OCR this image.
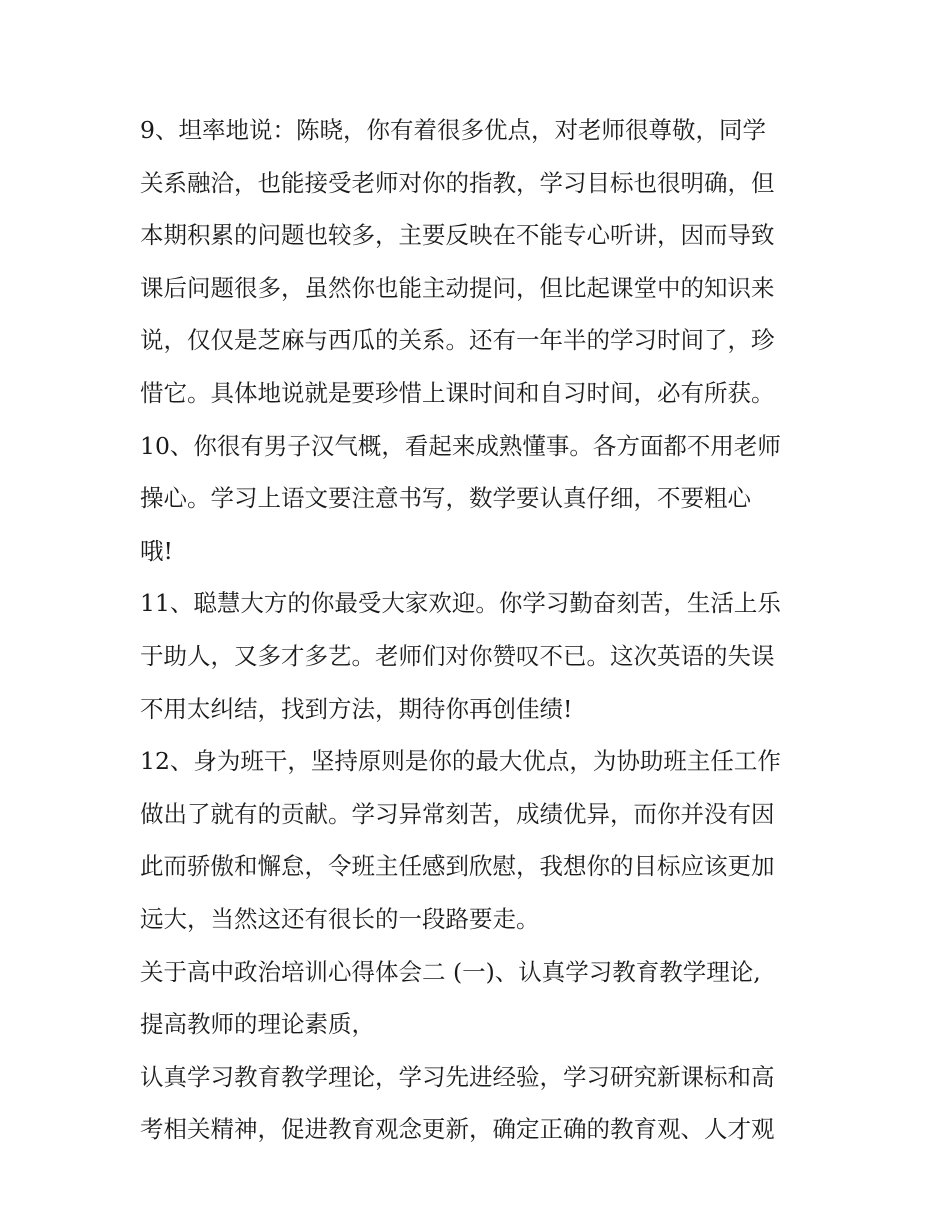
9、坦率地说：陈晓，你有着很多优点，对老师很尊敬，同学
关系融洽，也能接受老师对你的指教，学习目标也很明确，但
本期积累的问题也较多，主要反映在不能专心听讲，因而导致
课后问题很多，虽然你也能主动提问，但比起课堂中的知识来
说，仅仅是芝麻与西瓜的关系。还有一年半的学习时间了，珍
惜它。具体地说就是要珍惜上课时间和自习时间，必有所获。
10、你很有男子汉气概，看起来成熟懂事。各方面都不用老师
操心。学习上语文要注意书写，数学要认真仔细，不要粗心
哦!
11、聪慧大方的你最受大家欢迎。你学习勤奋刻苦，生活上乐
于助人，又多才多艺。老师们对你赞叹不已。这次英语的失误
不用太纠结，找到方法，期待你再创佳绩!
12、身为班干，坚持原则是你的最大优点，为协助班主任工作
做出了就有的贡献。学习异常刻苦，成绩优异，而你并没有因
此而骄傲和懈怠，令班主任感到欣慰，我想你的目标应该更加
远大，当然这还有很长的一段路要走。
关于高中政治培训心得体会二 (一)、认真学习教育教学理论,
提高教师的理论素质，
认真学习教育教学理论，学习先进经验，学习研究新课标和高
考相关精神，促进教育观念更新，确定正确的教育观、人才观
